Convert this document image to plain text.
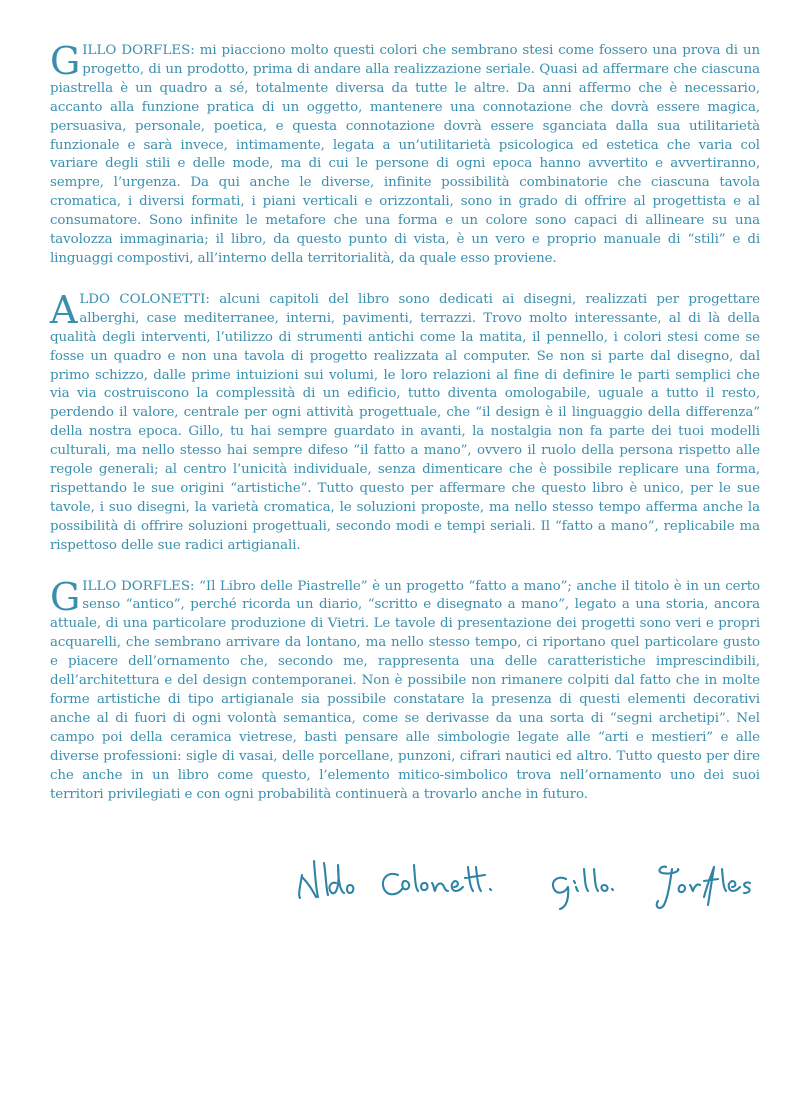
GILLO DORFLES: mi piacciono molto questi colori che sembrano stesi come fossero una prova di un progetto, di un prodotto, prima di andare alla realizzazione seriale. Quasi ad affermare che ciascuna piastrella è un quadro a sé, totalmente diversa da tutte le altre. Da anni affermo che è necessario, accanto alla funzione pratica di un oggetto, mantenere una connotazione che dovrà essere magica, persuasiva, personale, poetica, e questa connotazione dovrà essere sganciata dalla sua utilitarietà funzionale e sarà invece, intimamente, legata a un’utilitarietà psicologica ed estetica che varia col variare degli stili e delle mode, ma di cui le persone di ogni epoca hanno avvertito e avvertiranno, sempre, l’urgenza. Da qui anche le diverse, infinite possibilità combinatorie che ciascuna tavola cromatica, i diversi formati, i piani verticali e orizzontali, sono in grado di offrire al progettista e al consumatore. Sono infinite le metafore che una forma e un colore sono capaci di allineare su una tavolozza immaginaria; il libro, da questo punto di vista, è un vero e proprio manuale di “stili” e di linguaggi compostivi, all’interno della territorialità, da quale esso proviene.

ALDO COLONETTI: alcuni capitoli del libro sono dedicati ai disegni, realizzati per progettare alberghi, case mediterranee, interni, pavimenti, terrazzi. Trovo molto interessante, al di là della qualità degli interventi, l’utilizzo di strumenti antichi come la matita, il pennello, i colori stesi come se fosse un quadro e non una tavola di progetto realizzata al computer. Se non si parte dal disegno, dal primo schizzo, dalle prime intuizioni sui volumi, le loro relazioni al fine di definire le parti semplici che via via costruiscono la complessità di un edificio, tutto diventa omologabile, uguale a tutto il resto, perdendo il valore, centrale per ogni attività progettuale, che “il design è il linguaggio della differenza” della nostra epoca. Gillo, tu hai sempre guardato in avanti, la nostalgia non fa parte dei tuoi modelli culturali, ma nello stesso hai sempre difeso “il fatto a mano”, ovvero il ruolo della persona rispetto alle regole generali; al centro l’unicità individuale, senza dimenticare che è possibile replicare una forma, rispettando le sue origini “artistiche”. Tutto questo per affermare che questo libro è unico, per le sue tavole, i suo disegni, la varietà cromatica, le soluzioni proposte, ma nello stesso tempo afferma anche la possibilità di offrire soluzioni progettuali, secondo modi e tempi seriali. Il “fatto a mano”, replicabile ma rispettoso delle sue radici artigianali.

GILLO DORFLES: “Il Libro delle Piastrelle” è un progetto “fatto a mano”; anche il titolo è in un certo senso “antico”, perché ricorda un diario, “scritto e disegnato a mano”, legato a una storia, ancora attuale, di una particolare produzione di Vietri. Le tavole di presentazione dei progetti sono veri e propri acquarelli, che sembrano arrivare da lontano, ma nello stesso tempo, ci riportano quel particolare gusto e piacere dell’ornamento che, secondo me, rappresenta una delle caratteristiche imprescindibili, dell’architettura e del design contemporanei. Non è possibile non rimanere colpiti dal fatto che in molte forme artistiche di tipo artigianale sia possibile constatare la presenza di questi elementi decorativi anche al di fuori di ogni volontà semantica, come se derivasse da una sorta di “segni archetipi”. Nel campo poi della ceramica vietrese, basti pensare alle simbologie legate alle “arti e mestieri” e alle diverse professioni: sigle di vasai, delle porcellane, punzoni, cifrari nautici ed altro. Tutto questo per dire che anche in un libro come questo, l’elemento mitico-simbolico trova nell’ornamento uno dei suoi territori privilegiati e con ogni probabilità continuerà a trovarlo anche in futuro.
